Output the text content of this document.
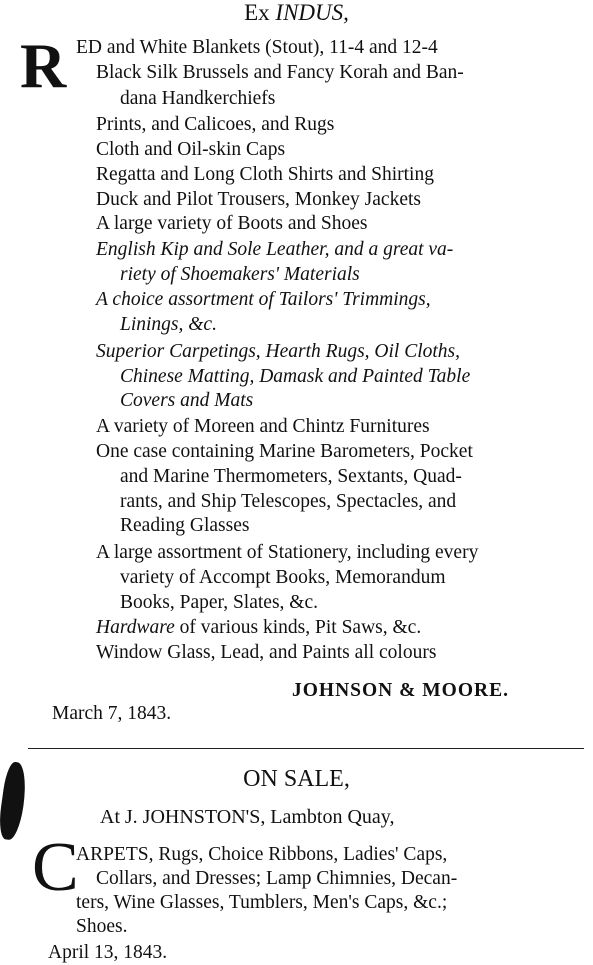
Ex INDUS,
R ED and White Blankets (Stout), 11-4 and 12-4
Black Silk Brussels and Fancy Korah and Ban-
dana Handkerchiefs
Prints, and Calicoes, and Rugs
Cloth and Oil-skin Caps
Regatta and Long Cloth Shirts and Shirting
Duck and Pilot Trousers, Monkey Jackets
A large variety of Boots and Shoes
English Kip and Sole Leather, and a great va-
riety of Shoemakers' Materials
A choice assortment of Tailors' Trimmings,
Linings, &c.
Superior Carpetings, Hearth Rugs, Oil Cloths,
Chinese Matting, Damask and Painted Table
Covers and Mats
A variety of Moreen and Chintz Furnitures
One case containing Marine Barometers, Pocket
and Marine Thermometers, Sextants, Quad-
rants, and Ship Telescopes, Spectacles, and
Reading Glasses
A large assortment of Stationery, including every
variety of Accompt Books, Memorandum
Books, Paper, Slates, &c.
Hardware of various kinds, Pit Saws, &c.
Window Glass, Lead, and Paints all colours
JOHNSON & MOORE.
March 7, 1843.
ON SALE,
At J. JOHNSTON'S, Lambton Quay,
C
ARPETS, Rugs, Choice Ribbons, Ladies' Caps,
Collars, and Dresses; Lamp Chimnies, Decan-
ters, Wine Glasses, Tumblers, Men's Caps, &c.;
Shoes.
April 13, 1843.
